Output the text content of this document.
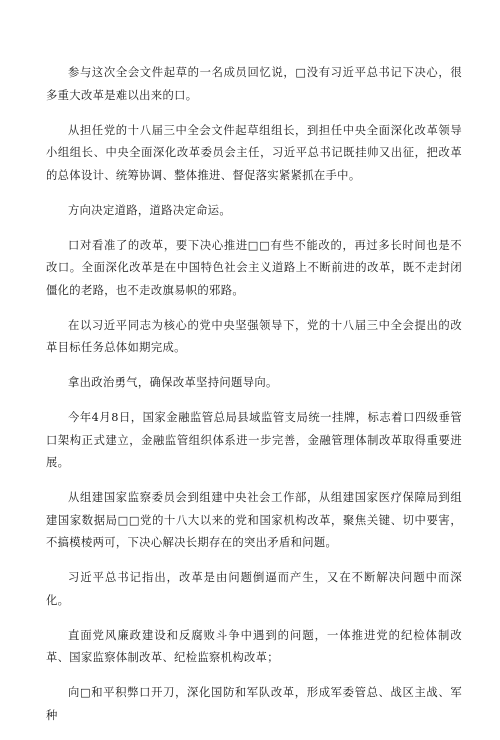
参与这次全会文件起草的一名成员回忆说，□没有习近平总书记下决心，很多重大改革是难以出来的口。

从担任党的十八届三中全会文件起草组组长，到担任中央全面深化改革领导小组组长、中央全面深化改革委员会主任，习近平总书记既挂帅又出征，把改革的总体设计、统筹协调、整体推进、督促落实紧紧抓在手中。

方向决定道路，道路决定命运。

口对看准了的改革，要下决心推进□□有些不能改的，再过多长时间也是不改口。全面深化改革是在中国特色社会主义道路上不断前进的改革，既不走封闭僵化的老路，也不走改旗易帜的邪路。

在以习近平同志为核心的党中央坚强领导下，党的十八届三中全会提出的改革目标任务总体如期完成。

拿出政治勇气，确保改革坚持问题导向。

今年4月8日，国家金融监管总局县域监管支局统一挂牌，标志着口四级垂管口架构正式建立，金融监管组织体系进一步完善，金融管理体制改革取得重要进展。

从组建国家监察委员会到组建中央社会工作部，从组建国家医疗保障局到组建国家数据局□□党的十八大以来的党和国家机构改革，聚焦关键、切中要害，不搞模棱两可，下决心解决长期存在的突出矛盾和问题。

习近平总书记指出，改革是由问题倒逼而产生，又在不断解决问题中而深化。

直面党风廉政建设和反腐败斗争中遇到的问题，一体推进党的纪检体制改革、国家监察体制改革、纪检监察机构改革；

向□和平积弊口开刀，深化国防和军队改革，形成军委管总、战区主战、军种
